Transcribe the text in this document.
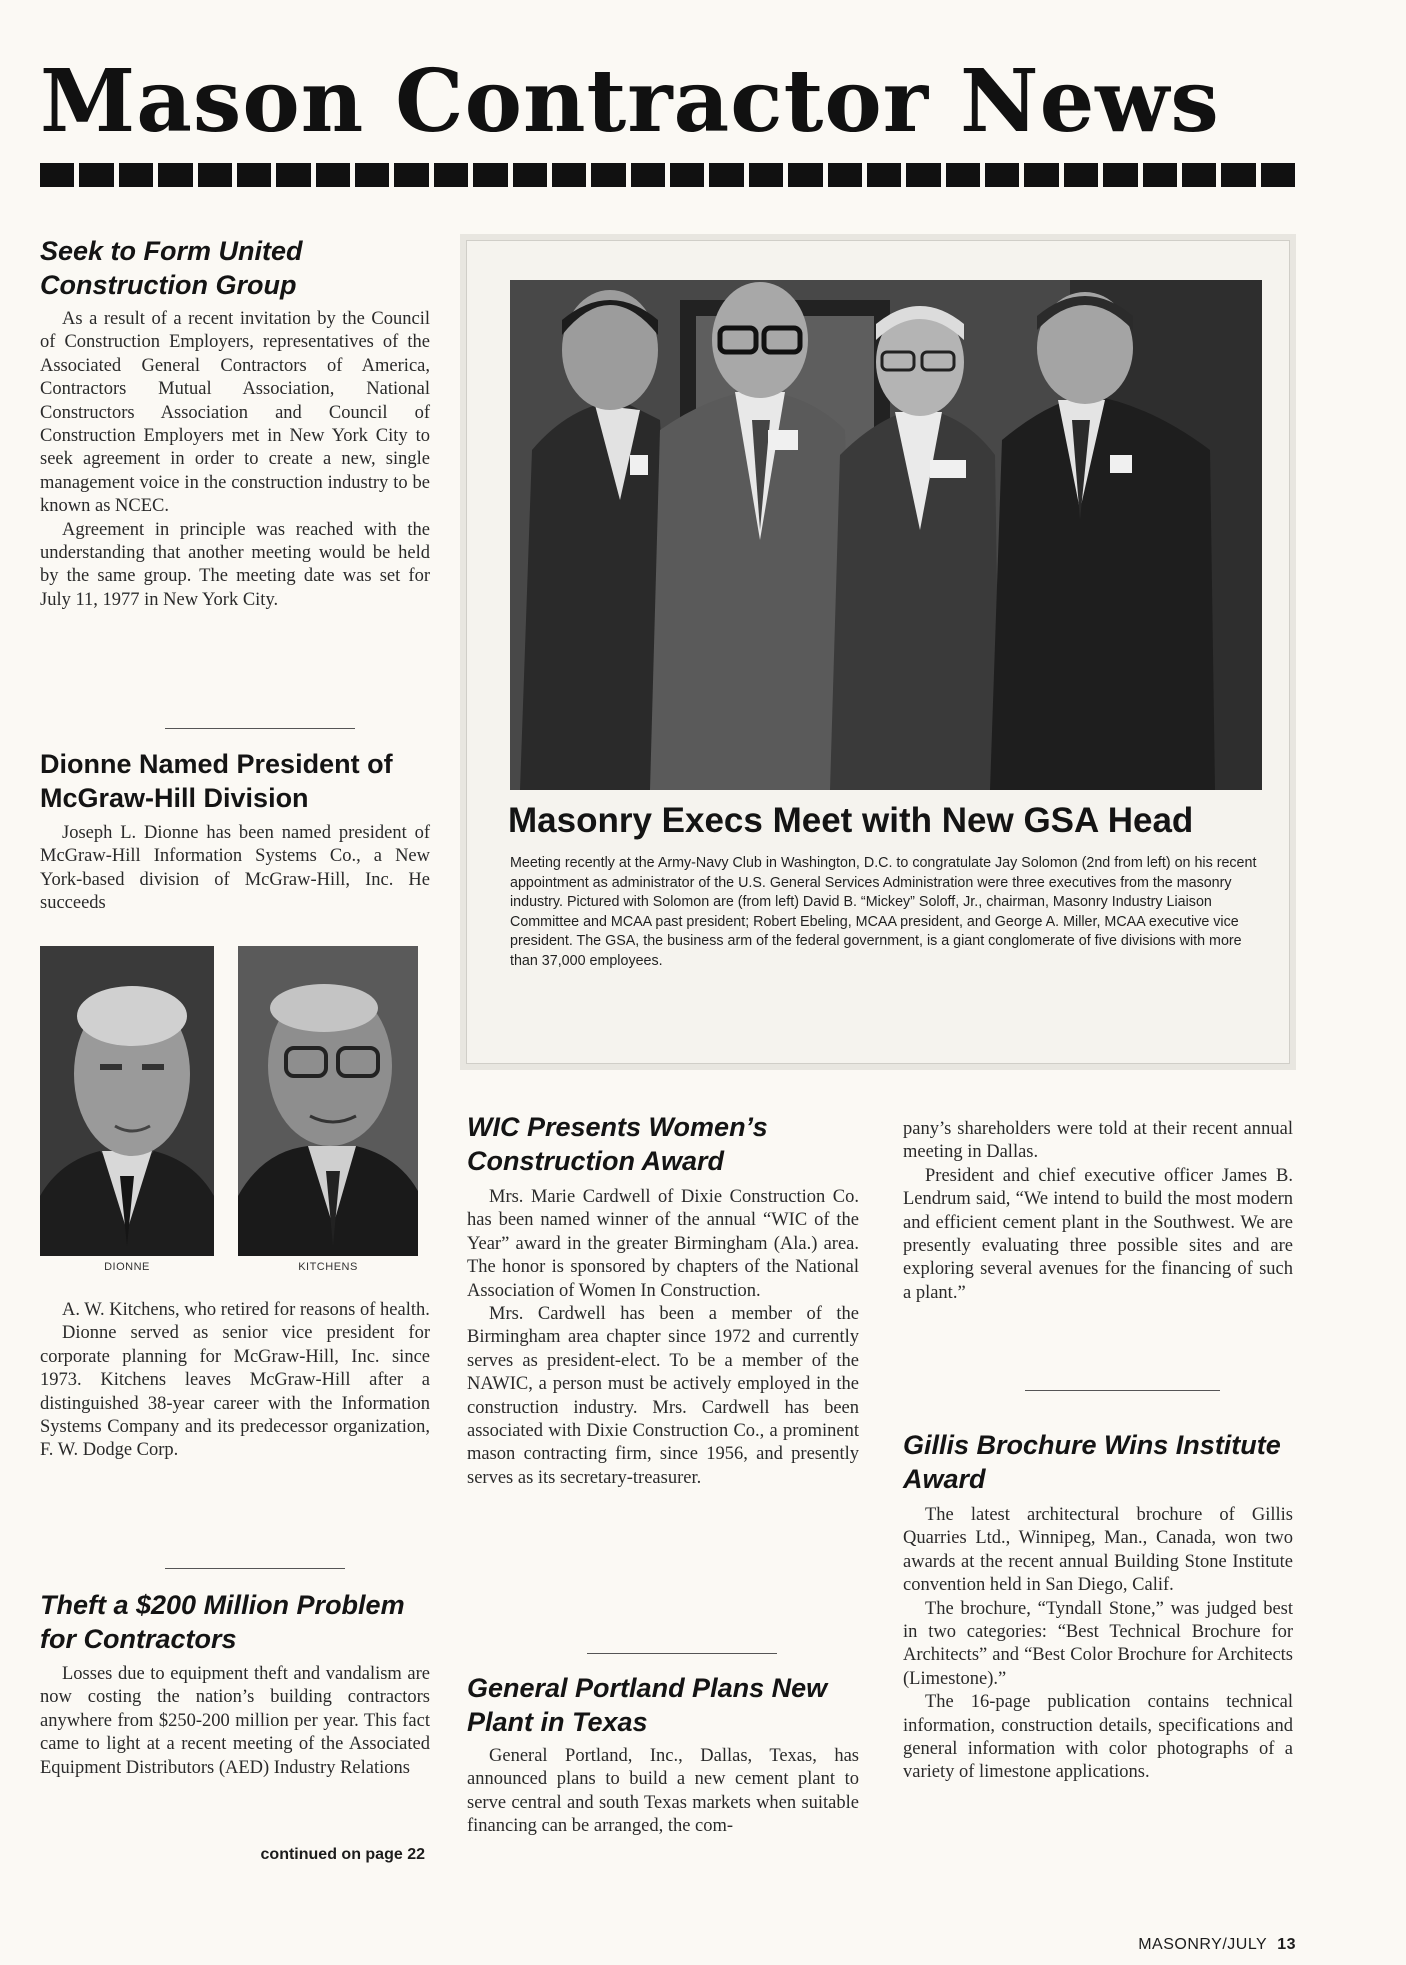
Mason Contractor News
Seek to Form United Construction Group

As a result of a recent invitation by the Council of Construction Employers, representatives of the Associated General Contractors of America, Contractors Mutual Association, National Constructors Association and Council of Construction Employers met in New York City to seek agreement in order to create a new, single management voice in the construction industry to be known as NCEC.

Agreement in principle was reached with the understanding that another meeting would be held by the same group. The meeting date was set for July 11, 1977 in New York City.

Dionne Named President of McGraw-Hill Division

Joseph L. Dionne has been named president of McGraw-Hill Information Systems Co., a New York-based division of McGraw-Hill, Inc. He succeeds

DIONNE	KITCHENS

A. W. Kitchens, who retired for reasons of health.

Dionne served as senior vice president for corporate planning for McGraw-Hill, Inc. since 1973. Kitchens leaves McGraw-Hill after a distinguished 38-year career with the Information Systems Company and its predecessor organization, F. W. Dodge Corp.

Theft a $200 Million Problem for Contractors

Losses due to equipment theft and vandalism are now costing the nation’s building contractors anywhere from $250-200 million per year. This fact came to light at a recent meeting of the Associated Equipment Distributors (AED) Industry Relations

continued on page 22

Masonry Execs Meet with New GSA Head

Meeting recently at the Army-Navy Club in Washington, D.C. to congratulate Jay Solomon (2nd from left) on his recent appointment as administrator of the U.S. General Services Administration were three executives from the masonry industry. Pictured with Solomon are (from left) David B. “Mickey” Soloff, Jr., chairman, Masonry Industry Liaison Committee and MCAA past president; Robert Ebeling, MCAA president, and George A. Miller, MCAA executive vice president. The GSA, the business arm of the federal government, is a giant conglomerate of five divisions with more than 37,000 employees.

WIC Presents Women’s Construction Award

Mrs. Marie Cardwell of Dixie Construction Co. has been named winner of the annual “WIC of the Year” award in the greater Birmingham (Ala.) area. The honor is sponsored by chapters of the National Association of Women In Construction.

Mrs. Cardwell has been a member of the Birmingham area chapter since 1972 and currently serves as president-elect. To be a member of the NAWIC, a person must be actively employed in the construction industry. Mrs. Cardwell has been associated with Dixie Construction Co., a prominent mason contracting firm, since 1956, and presently serves as its secretary-treasurer.

General Portland Plans New Plant in Texas

General Portland, Inc., Dallas, Texas, has announced plans to build a new cement plant to serve central and south Texas markets when suitable financing can be arranged, the com-

pany’s shareholders were told at their recent annual meeting in Dallas.

President and chief executive officer James B. Lendrum said, “We intend to build the most modern and efficient cement plant in the Southwest. We are presently evaluating three possible sites and are exploring several avenues for the financing of such a plant.”

Gillis Brochure Wins Institute Award

The latest architectural brochure of Gillis Quarries Ltd., Winnipeg, Man., Canada, won two awards at the recent annual Building Stone Institute convention held in San Diego, Calif.

The brochure, “Tyndall Stone,” was judged best in two categories: “Best Technical Brochure for Architects” and “Best Color Brochure for Architects (Limestone).”

The 16-page publication contains technical information, construction details, specifications and general information with color photographs of a variety of limestone applications.

MASONRY/JULY 13
